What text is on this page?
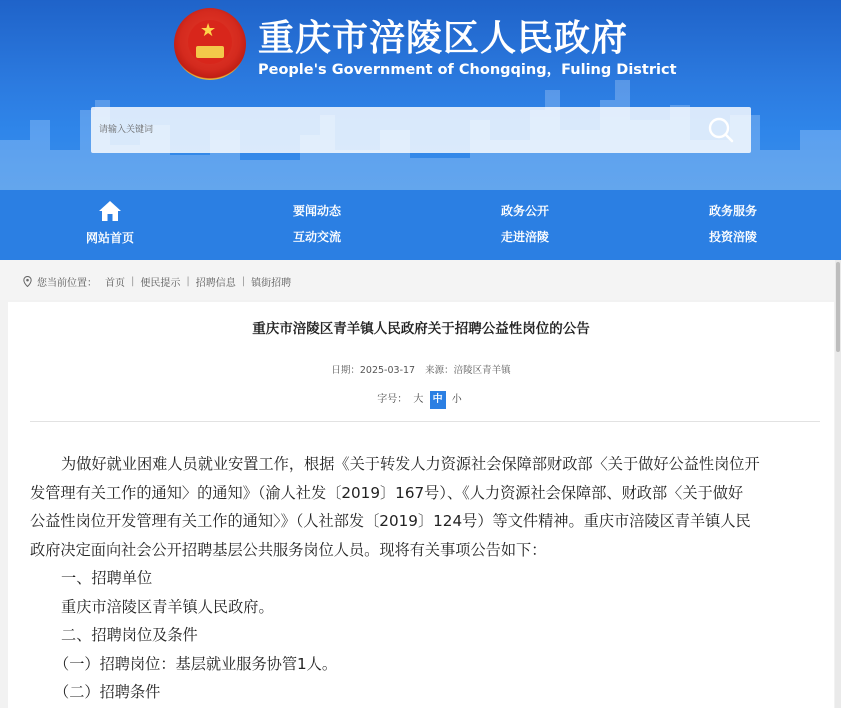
★ 重庆市涪陵区人民政府
People's Government of Chongqing，Fuling District
请输入关键词
网站首页
要闻动态
互动交流
政务公开
走进涪陵
政务服务
投资涪陵
您当前位置： 首页 | 便民提示 | 招聘信息 | 镇街招聘
重庆市涪陵区青羊镇人民政府关于招聘公益性岗位的公告
日期：2025-03-17 来源：涪陵区青羊镇
字号： 大 中 小

为做好就业困难人员就业安置工作，根据《关于转发人力资源社会保障部财政部〈关于做好公益性岗位开

发管理有关工作的通知〉的通知》（渝人社发〔2019〕167号）、《人力资源社会保障部、财政部〈关于做好
公益性岗位开发管理有关工作的通知〉》（人社部发〔2019〕124号）等文件精神。重庆市涪陵区青羊镇人民
政府决定面向社会公开招聘基层公共服务岗位人员。现将有关事项公告如下：

一、招聘单位

重庆市涪陵区青羊镇人民政府。

二、招聘岗位及条件

（一）招聘岗位：基层就业服务协管1人。

（二）招聘条件
